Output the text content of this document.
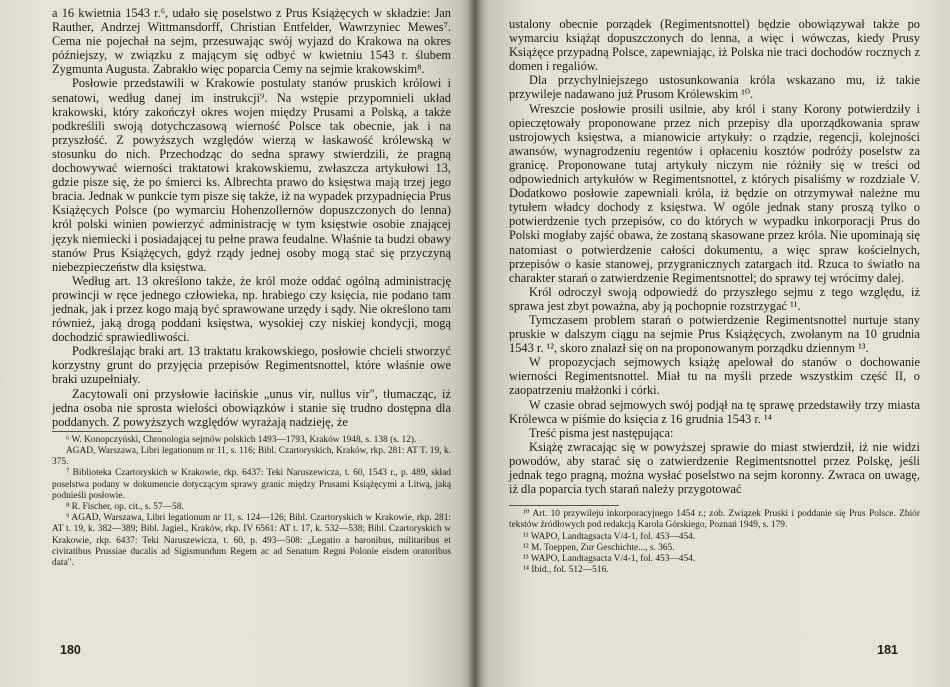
a 16 kwietnia 1543 r.⁶, udało się poselstwo z Prus Książęcych w składzie: Jan Rauther, Andrzej Wittmansdorff, Christian Entfelder, Wawrzyniec Mewes⁷. Cema nie pojechał na sejm, przesuwając swój wyjazd do Krakowa na okres późniejszy, w związku z mającym się odbyć w kwietniu 1543 r. ślubem Zygmunta Augusta. Zabrakło więc poparcia Cemy na sejmie krakowskim⁸.

Posłowie przedstawili w Krakowie postulaty stanów pruskich królowi i senatowi, według danej im instrukcji⁹. Na wstępie przypomnieli układ krakowski, który zakończył okres wojen między Prusami a Polską, a także podkreślili swoją dotychczasową wierność Polsce tak obecnie, jak i na przyszłość. Z powyższych względów wierzą w łaskawość królewską w stosunku do nich. Przechodząc do sedna sprawy stwierdzili, że pragną dochowywać wierności traktatowi krakowskiemu, zwłaszcza artykułowi 13, gdzie pisze się, że po śmierci ks. Albrechta prawo do księstwa mają trzej jego bracia. Jednak w punkcie tym pisze się także, iż na wypadek przypadnięcia Prus Książęcych Polsce (po wymarciu Hohenzollernów dopuszczonych do lenna) król polski winien powierzyć administrację w tym księstwie osobie znającej język niemiecki i posiadającej tu pełne prawa feudalne. Właśnie ta budzi obawy stanów Prus Książęcych, gdyż rządy jednej osoby mogą stać się przyczyną niebezpieczeństw dla księstwa.

Według art. 13 określono także, że król może oddać ogólną administrację prowincji w ręce jednego człowieka, np. hrabiego czy księcia, nie podano tam jednak, jak i przez kogo mają być sprawowane urzędy i sądy. Nie określono tam również, jaką drogą poddani księstwa, wysokiej czy niskiej kondycji, mogą dochodzić sprawiedliwości.

Podkreślając braki art. 13 traktatu krakowskiego, posłowie chcieli stworzyć korzystny grunt do przyjęcia przepisów Regimentsnottel, które właśnie owe braki uzupełniały.

Zacytowali oni przysłowie łacińskie „unus vir, nullus vir", tłumacząc, iż jedna osoba nie sprosta wielości obowiązków i stanie się trudno dostępna dla poddanych. Z powyższych względów wyrażają nadzieję, że

⁶ W. Konopczyński, Chronologia sejmów polskich 1493—1793, Kraków 1948, s. 138 (s. 12).

AGAD, Warszawa, Libri legationum nr 11, s. 116; Bibl. Czartoryskich, Kraków, rkp. 281: AT T. 19, k. 375.

⁷ Biblioteka Czartoryskich w Krakowie, rkp. 6437: Teki Naruszewicza, t. 60, 1543 r., p. 489, skład poselstwa podany w dokumencie dotyczącym sprawy granic między Prusami Książęcymi a Litwą, jaką podnieśli posłowie.

⁸ R. Fischer, op. cit., s. 57—58.

⁹ AGAD, Warszawa, Libri legationum nr 11, s. 124—126; Bibl. Czartoryskich w Krakowie, rkp. 281: AT t. 19, k. 382—389; Bibl. Jagiel., Kraków, rkp. IV 6561: AT t. 17, k. 532—538; Bibl. Czartoryskich w Krakowie, rkp. 6437: Teki Naruszewicza, t. 60, p. 493—508: „Legatio a baronibus, militaribus et civitatibus Prussiae ducalis ad Sigismundum Regem ac ad Senatum Regni Polonie eisdem oratoribus data".

180

ustalony obecnie porządek (Regimentsnottel) będzie obowiązywał także po wymarciu książąt dopuszczonych do lenna, a więc i wówczas, kiedy Prusy Książęce przypadną Polsce, zapewniając, iż Polska nie traci dochodów rocznych z domen i regaliów.

Dla przychylniejszego ustosunkowania króla wskazano mu, iż takie przywileje nadawano już Prusom Królewskim ¹⁰.

Wreszcie posłowie prosili usilnie, aby król i stany Korony potwierdziły i opieczętowały proponowane przez nich przepisy dla uporządkowania spraw ustrojowych księstwa, a mianowicie artykuły: o rządzie, regencji, kolejności awansów, wynagrodzeniu regentów i opłaceniu kosztów podróży poselstw za granicę. Proponowane tutaj artykuły niczym nie różniły się w treści od odpowiednich artykułów w Regimentsnottel, z których pisaliśmy w rozdziale V. Dodatkowo posłowie zapewniali króla, iż będzie on otrzymywał należne mu tytułem władcy dochody z księstwa. W ogóle jednak stany proszą tylko o potwierdzenie tych przepisów, co do których w wypadku inkorporacji Prus do Polski mogłaby zajść obawa, że zostaną skasowane przez króla. Nie upominają się natomiast o potwierdzenie całości dokumentu, a więc spraw kościelnych, przepisów o kasie stanowej, przygranicznych zatargach itd. Rzuca to światło na charakter starań o zatwierdzenie Regimentsnottel; do sprawy tej wrócimy dalej.

Król odroczył swoją odpowiedź do przyszłego sejmu z tego względu, iż sprawa jest zbyt poważna, aby ją pochopnie rozstrzygać ¹¹.

Tymczasem problem starań o potwierdzenie Regimentsnottel nurtuje stany pruskie w dalszym ciągu na sejmie Prus Książęcych, zwołanym na 10 grudnia 1543 r. ¹², skoro znalazł się on na proponowanym porządku dziennym ¹³.

W propozycjach sejmowych książę apelował do stanów o dochowanie wierności Regimentsnottel. Miał tu na myśli przede wszystkim część II, o zaopatrzeniu małżonki i córki.

W czasie obrad sejmowych swój podjął na tę sprawę przedstawiły trzy miasta Królewca w piśmie do księcia z 16 grudnia 1543 r. ¹⁴

Treść pisma jest następująca:

Książę zwracając się w powyższej sprawie do miast stwierdził, iż nie widzi powodów, aby starać się o zatwierdzenie Regimentsnottel przez Polskę, jeśli jednak tego pragną, można wysłać poselstwo na sejm koronny. Zwraca on uwagę, iż dla poparcia tych starań należy przygotować

¹⁰ Art. 10 przywileju inkorporacyjnego 1454 r.; zob. Związek Pruski i poddanie się Prus Polsce. Zbiór tekstów źródłowych pod redakcją Karola Górskiego, Poznań 1949, s. 179.

¹¹ WAPO, Landtagsacta V/4-1, fol. 453—454.

¹² M. Toeppen, Zur Geschichte..., s. 365.

¹³ WAPO, Landtagsacta V/4-1, fol. 453—454.

¹⁴ Ibid., fol. 512—516.

181
